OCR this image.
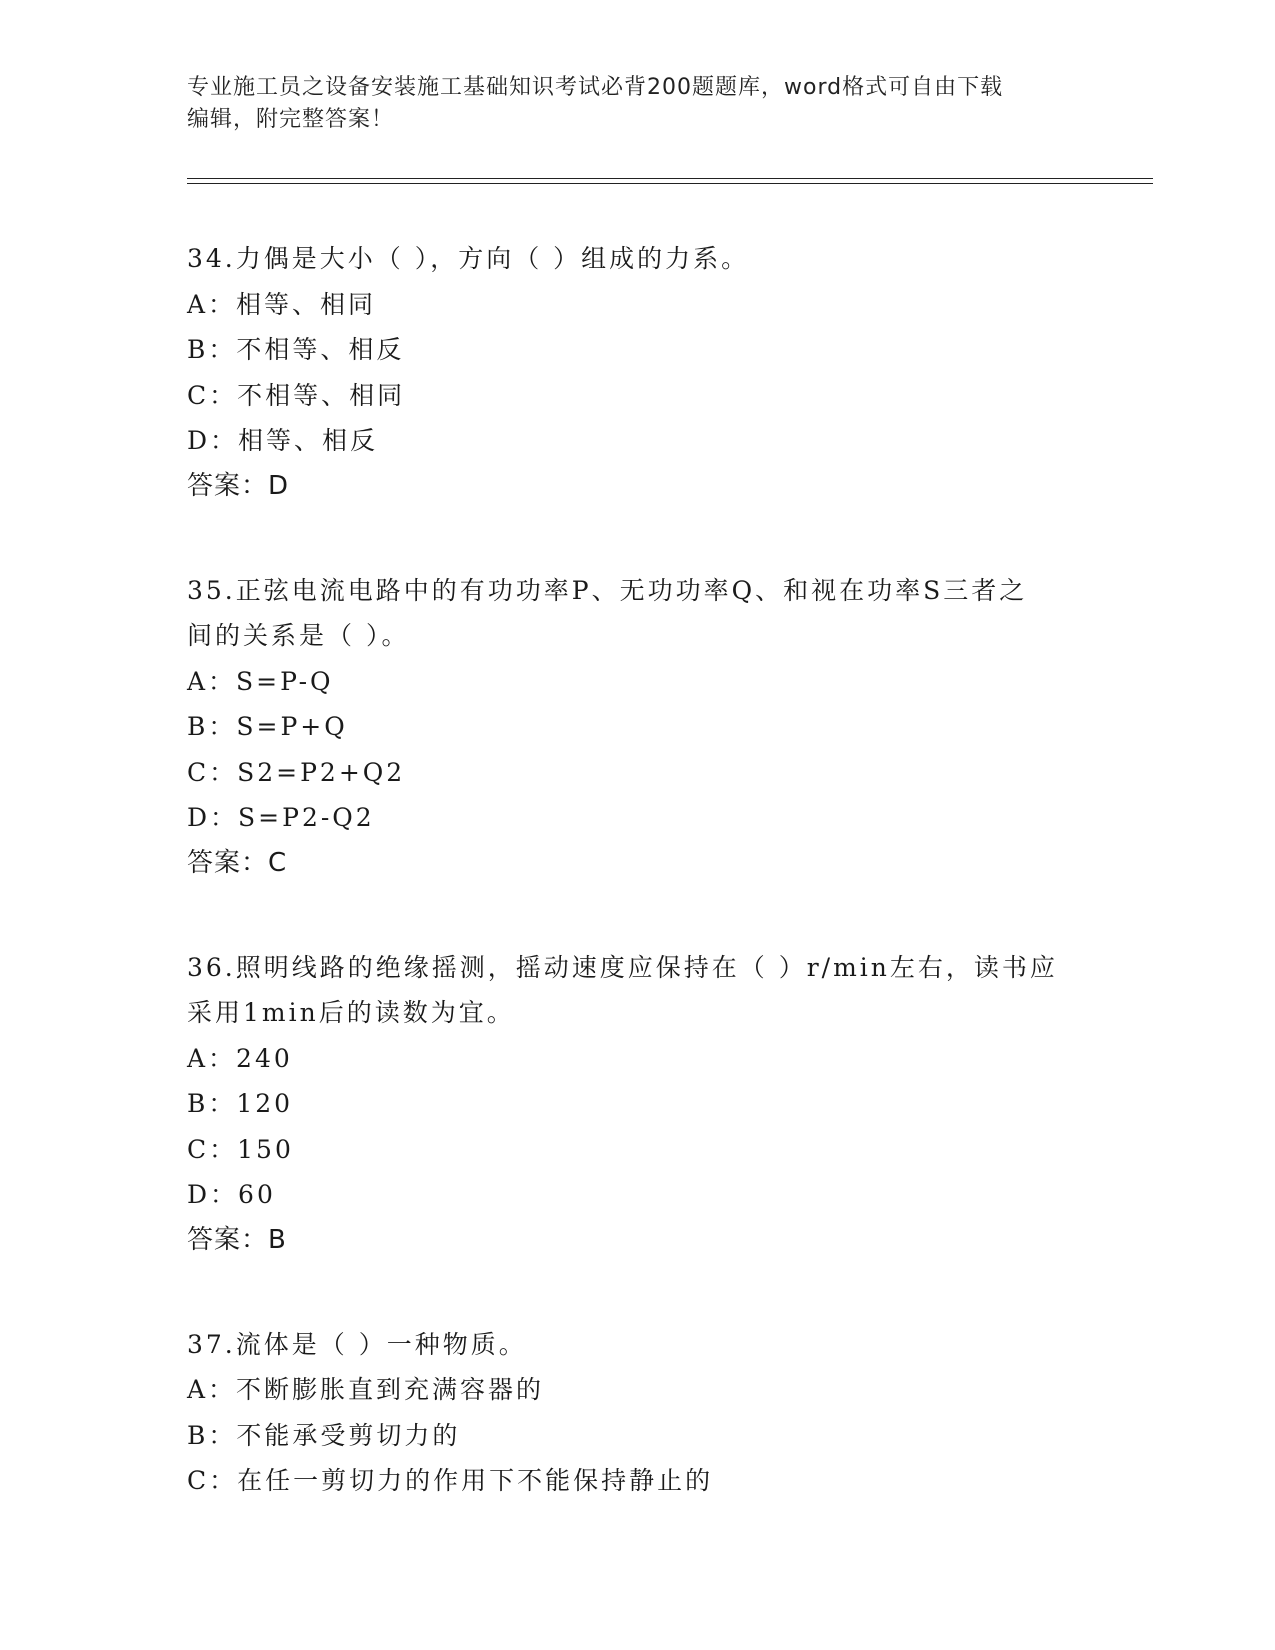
专业施工员之设备安装施工基础知识考试必背200题题库，word格式可自由下载
编辑，附完整答案！
34.力偶是大小（ ），方向（ ）组成的力系。
A：相等、相同
B：不相等、相反
C：不相等、相同
D：相等、相反
答案：D
35.正弦电流电路中的有功功率P、无功功率Q、和视在功率S三者之
间的关系是（ ）。
A：S=P-Q
B：S=P+Q
C：S2=P2+Q2
D：S=P2-Q2
答案：C
36.照明线路的绝缘摇测，摇动速度应保持在（ ）r/min左右，读书应
采用1min后的读数为宜。
A：240
B：120
C：150
D：60
答案：B
37.流体是（ ）一种物质。
A：不断膨胀直到充满容器的
B：不能承受剪切力的
C：在任一剪切力的作用下不能保持静止的
